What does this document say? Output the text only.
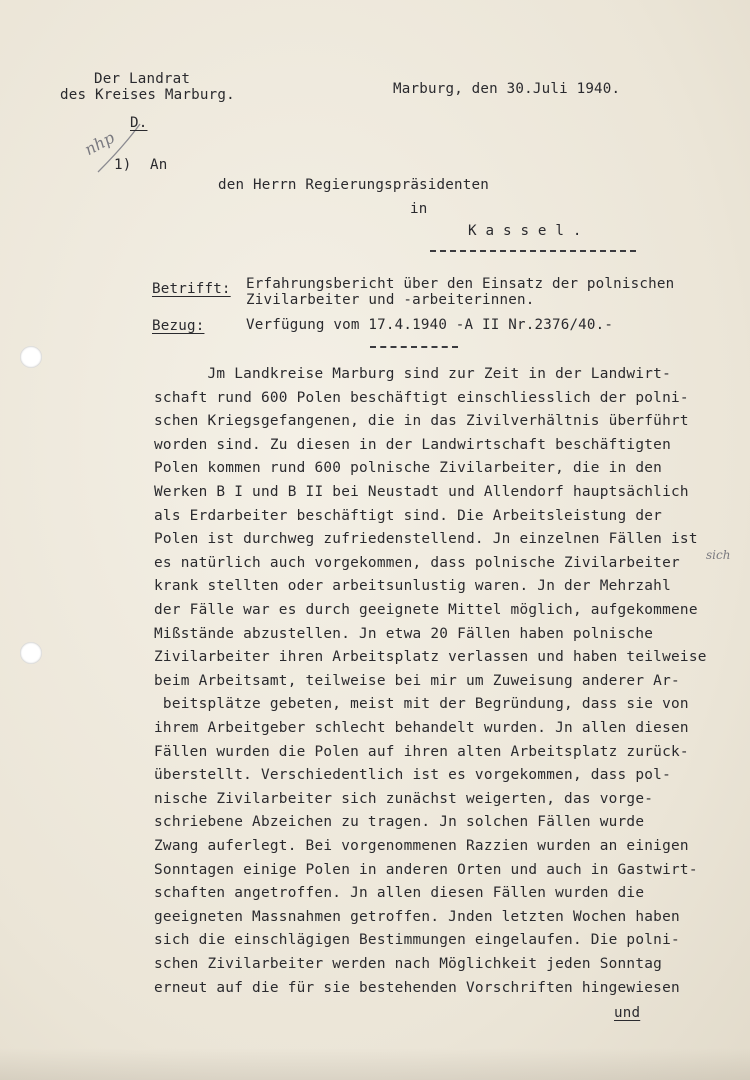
Der Landrat
des Kreises Marburg.	Marburg, den 30.Juli 1940.
nhp
D.
1) An
den Herrn Regierungspräsidenten
in
K a s s e l .
Betrifft: Erfahrungsbericht über den Einsatz der polnischen
Zivilarbeiter und -arbeiterinnen.
Bezug:	Verfügung vom 17.4.1940 -A II Nr.2376/40.-
Jm Landkreise Marburg sind zur Zeit in der Landwirt-
schaft rund 600 Polen beschäftigt einschliesslich der polni-
schen Kriegsgefangenen, die in das Zivilverhältnis überführt
worden sind. Zu diesen in der Landwirtschaft beschäftigten
Polen kommen rund 600 polnische Zivilarbeiter, die in den
Werken B I und B II bei Neustadt und Allendorf hauptsächlich
als Erdarbeiter beschäftigt sind. Die Arbeitsleistung der
Polen ist durchweg zufriedenstellend. Jn einzelnen Fällen ist
es natürlich auch vorgekommen, dass polnische Zivilarbeiter
krank stellten oder arbeitsunlustig waren. Jn der Mehrzahl
der Fälle war es durch geeignete Mittel möglich, aufgekommene
Mißstände abzustellen. Jn etwa 20 Fällen haben polnische
Zivilarbeiter ihren Arbeitsplatz verlassen und haben teilweise
beim Arbeitsamt, teilweise bei mir um Zuweisung anderer Ar-
beitsplätze gebeten, meist mit der Begründung, dass sie von
ihrem Arbeitgeber schlecht behandelt wurden. Jn allen diesen
Fällen wurden die Polen auf ihren alten Arbeitsplatz zurück-
überstellt. Verschiedentlich ist es vorgekommen, dass pol-
nische Zivilarbeiter sich zunächst weigerten, das vorge-
schriebene Abzeichen zu tragen. Jn solchen Fällen wurde
Zwang auferlegt. Bei vorgenommenen Razzien wurden an einigen
Sonntagen einige Polen in anderen Orten und auch in Gastwirt-
schaften angetroffen. Jn allen diesen Fällen wurden die
geeigneten Massnahmen getroffen. Jnden letzten Wochen haben
sich die einschlägigen Bestimmungen eingelaufen. Die polni-
schen Zivilarbeiter werden nach Möglichkeit jeden Sonntag
erneut auf die für sie bestehenden Vorschriften hingewiesen
sich
und
